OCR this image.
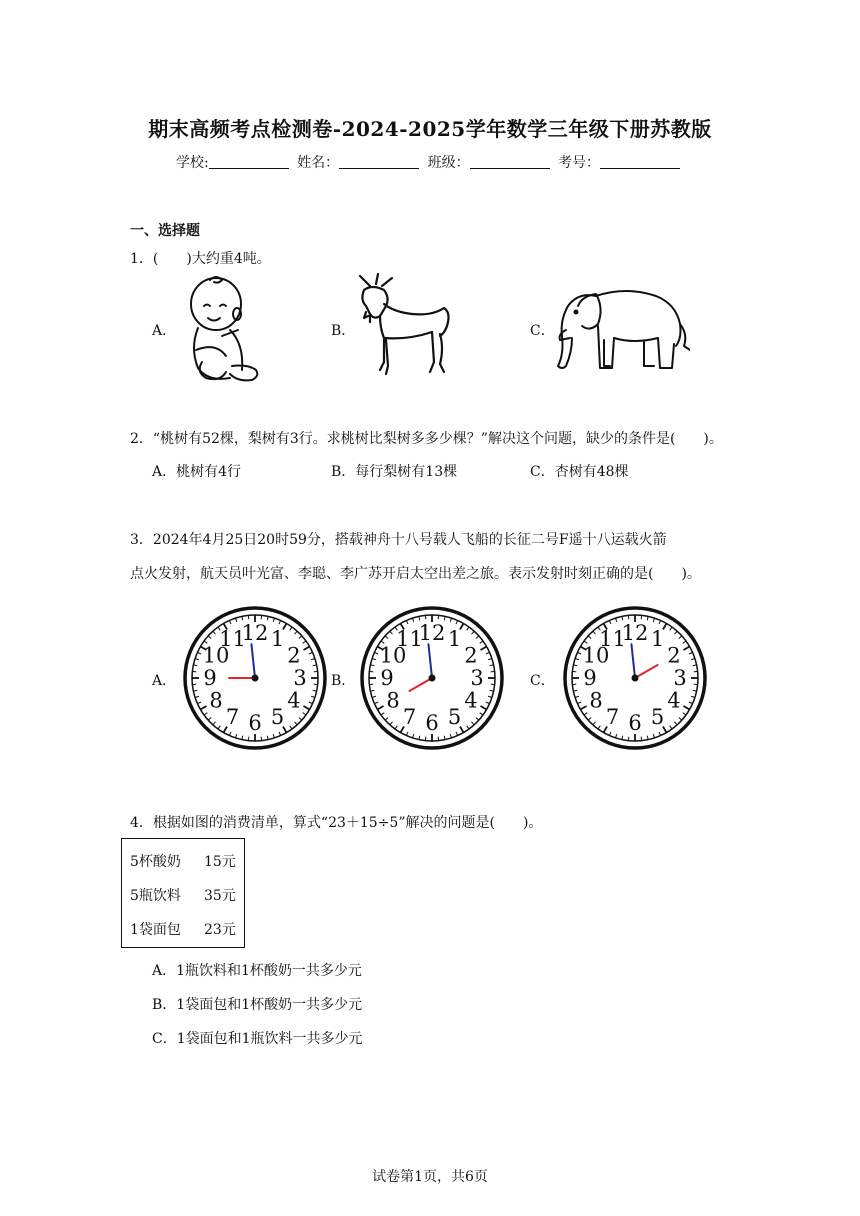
期末高频考点检测卷-2024-2025学年数学三年级下册苏教版
学校:	姓名：	班级：	考号：
一、选择题
1．(　　)大约重4吨。
A．	B．	C．
2．“桃树有52棵，梨树有3行。求桃树比梨树多多少棵？”解决这个问题，缺少的条件是(　　)。
A．桃树有4行	B．每行梨树有13棵	C．杏树有48棵
3．2024年4月25日20时59分，搭载神舟十八号载人飞船的长征二号F遥十八运载火箭
点火发射，航天员叶光富、李聪、李广苏开启太空出差之旅。表示发射时刻正确的是(　　)。
A．	B．	C．
12 1
2
3
4
5
6
7
8
9
10
11	12 1
2
3
4
5
6
7
8
9
10
11	12 1
2
3
4
5
6
7
8
9
10
11
4．根据如图的消费清单，算式“23＋15÷5”解决的问题是(　　)。
5杯酸奶 15元
5瓶饮料 35元
1袋面包 23元
A．1瓶饮料和1杯酸奶一共多少元
B．1袋面包和1杯酸奶一共多少元
C．1袋面包和1瓶饮料一共多少元
试卷第1页，共6页
